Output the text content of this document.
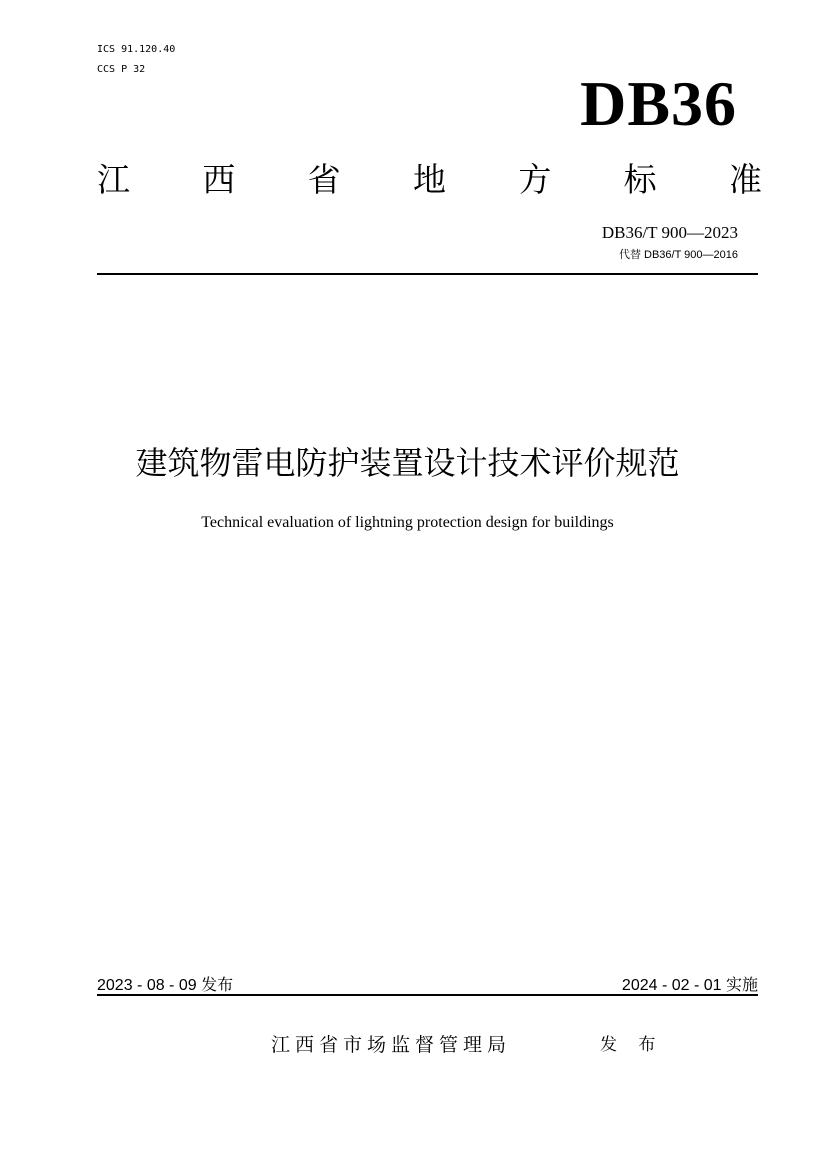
ICS 91.120.40
CCS P 32	DB36
江 西 省 地 方 标 准
DB36/T 900—2023
代替 DB36/T 900—2016
建筑物雷电防护装置设计技术评价规范
Technical evaluation of lightning protection design for buildings
2023 - 08 - 09 发布	2024 - 02 - 01 实施
江西省市场监督管理局	发 布
